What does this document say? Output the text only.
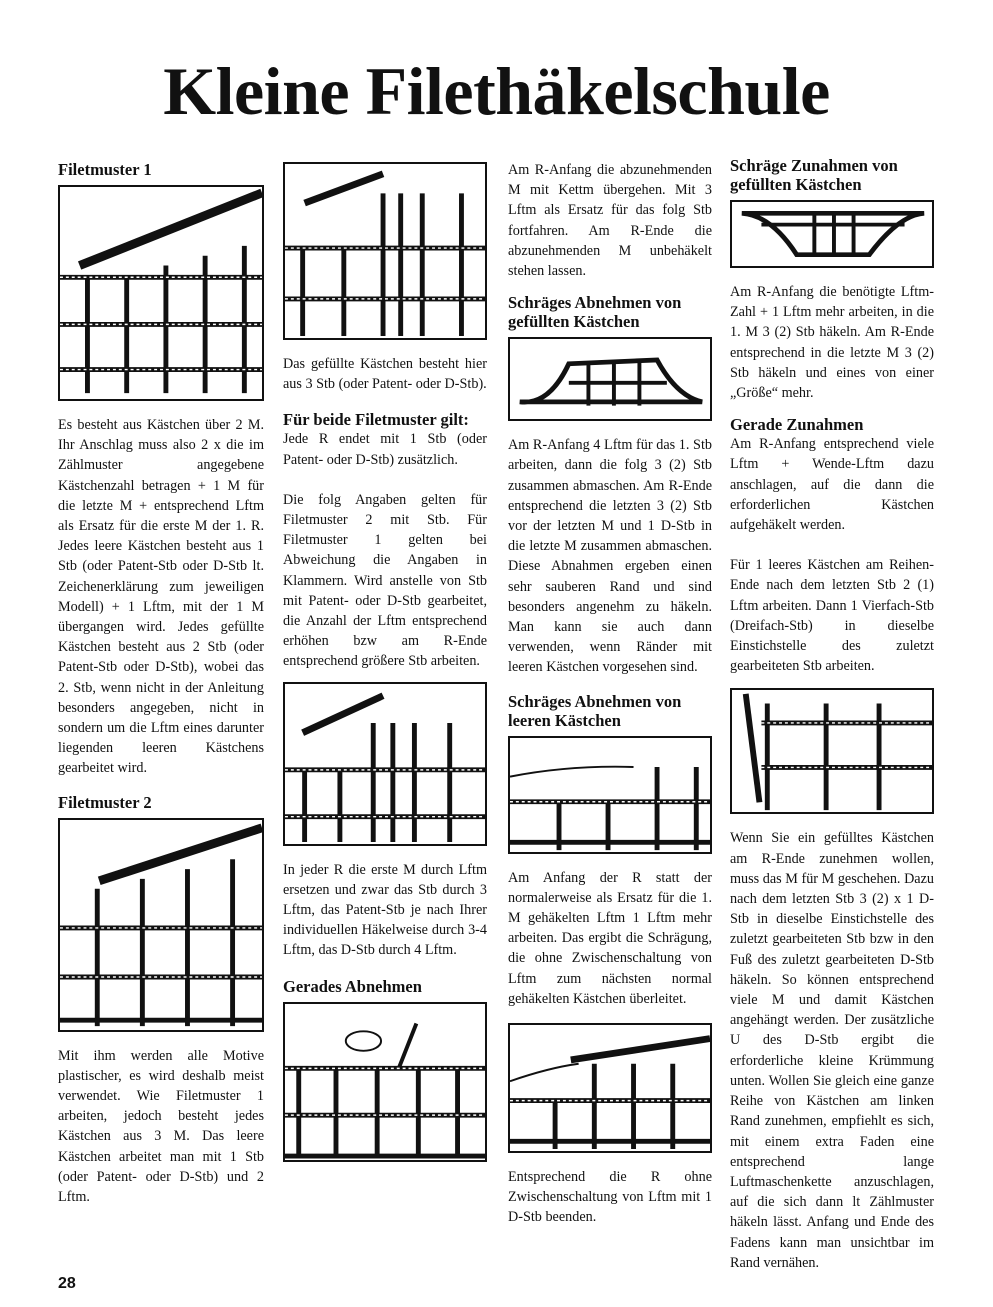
Kleine Filethäkelschule
Filetmuster 1

Es besteht aus Kästchen über 2 M. Ihr Anschlag muss also 2 x die im Zählmuster angegebene Kästchenzahl betragen + 1 M für die letzte M + entsprechend Lftm als Ersatz für die erste M der 1. R. Jedes leere Kästchen besteht aus 1 Stb (oder Patent-Stb oder D-Stb lt. Zeichenerklärung zum jeweiligen Modell) + 1 Lftm, mit der 1 M übergangen wird. Jedes gefüllte Kästchen besteht aus 2 Stb (oder Patent-Stb oder D-Stb), wobei das 2. Stb, wenn nicht in der Anleitung besonders angegeben, nicht in sondern um die Lftm eines darunter liegenden leeren Kästchens gearbeitet wird.

Filetmuster 2

Mit ihm werden alle Motive plastischer, es wird deshalb meist verwendet. Wie Filetmuster 1 arbeiten, jedoch besteht jedes Kästchen aus 3 M. Das leere Kästchen arbeitet man mit 1 Stb (oder Patent- oder D-Stb) und 2 Lftm.

Das gefüllte Kästchen besteht hier aus 3 Stb (oder Patent- oder D-Stb).

Für beide Filetmuster gilt:

Jede R endet mit 1 Stb (oder Patent- oder D-Stb) zusätzlich.

Die folg Angaben gelten für Filetmuster 2 mit Stb. Für Filetmuster 1 gelten bei Abweichung die Angaben in Klammern. Wird anstelle von Stb mit Patent- oder D-Stb gearbeitet, die Anzahl der Lftm entsprechend erhöhen bzw am R-Ende entsprechend größere Stb arbeiten.

In jeder R die erste M durch Lftm ersetzen und zwar das Stb durch 3 Lftm, das Patent-Stb je nach Ihrer individuellen Häkelweise durch 3-4 Lftm, das D-Stb durch 4 Lftm.

Gerades Abnehmen

Am R-Anfang die abzunehmenden M mit Kettm übergehen. Mit 3 Lftm als Ersatz für das folg Stb fortfahren. Am R-Ende die abzunehmenden M unbehäkelt stehen lassen.

Schräges Abnehmen von gefüllten Kästchen

Am R-Anfang 4 Lftm für das 1. Stb arbeiten, dann die folg 3 (2) Stb zusammen abmaschen. Am R-Ende entsprechend die letzten 3 (2) Stb vor der letzten M und 1 D-Stb in die letzte M zusammen abmaschen. Diese Abnahmen ergeben einen sehr sauberen Rand und sind besonders angenehm zu häkeln. Man kann sie auch dann verwenden, wenn Ränder mit leeren Kästchen vorgesehen sind.

Schräges Abnehmen von leeren Kästchen

Am Anfang der R statt der normalerweise als Ersatz für die 1. M gehäkelten Lftm 1 Lftm mehr arbeiten. Das ergibt die Schrägung, die ohne Zwischenschaltung von Lftm zum nächsten normal gehäkelten Kästchen überleitet.

Entsprechend die R ohne Zwischenschaltung von Lftm mit 1 D-Stb beenden.

Schräge Zunahmen von gefüllten Kästchen

Am R-Anfang die benötigte Lftm-Zahl + 1 Lftm mehr arbeiten, in die 1. M 3 (2) Stb häkeln. Am R-Ende entsprechend in die letzte M 3 (2) Stb häkeln und eines von einer „Größe“ mehr.

Gerade Zunahmen

Am R-Anfang entsprechend viele Lftm + Wende-Lftm dazu anschlagen, auf die dann die erforderlichen Kästchen aufgehäkelt werden.

Für 1 leeres Kästchen am Reihen-Ende nach dem letzten Stb 2 (1) Lftm arbeiten. Dann 1 Vierfach-Stb (Dreifach-Stb) in dieselbe Einstichstelle des zuletzt gearbeiteten Stb arbeiten.

Wenn Sie ein gefülltes Kästchen am R-Ende zunehmen wollen, muss das M für M geschehen. Dazu nach dem letzten Stb 3 (2) x 1 D-Stb in dieselbe Einstichstelle des zuletzt gearbeiteten Stb bzw in den Fuß des zuletzt gearbeiteten D-Stb häkeln. So können entsprechend viele M und damit Kästchen angehängt werden. Der zusätzliche U des D-Stb ergibt die erforderliche kleine Krümmung unten. Wollen Sie gleich eine ganze Reihe von Kästchen am linken Rand zunehmen, empfiehlt es sich, mit einem extra Faden eine entsprechend lange Luftmaschenkette anzuschlagen, auf die sich dann lt Zählmuster häkeln lässt. Anfang und Ende des Fadens kann man unsichtbar im Rand vernähen.

28
